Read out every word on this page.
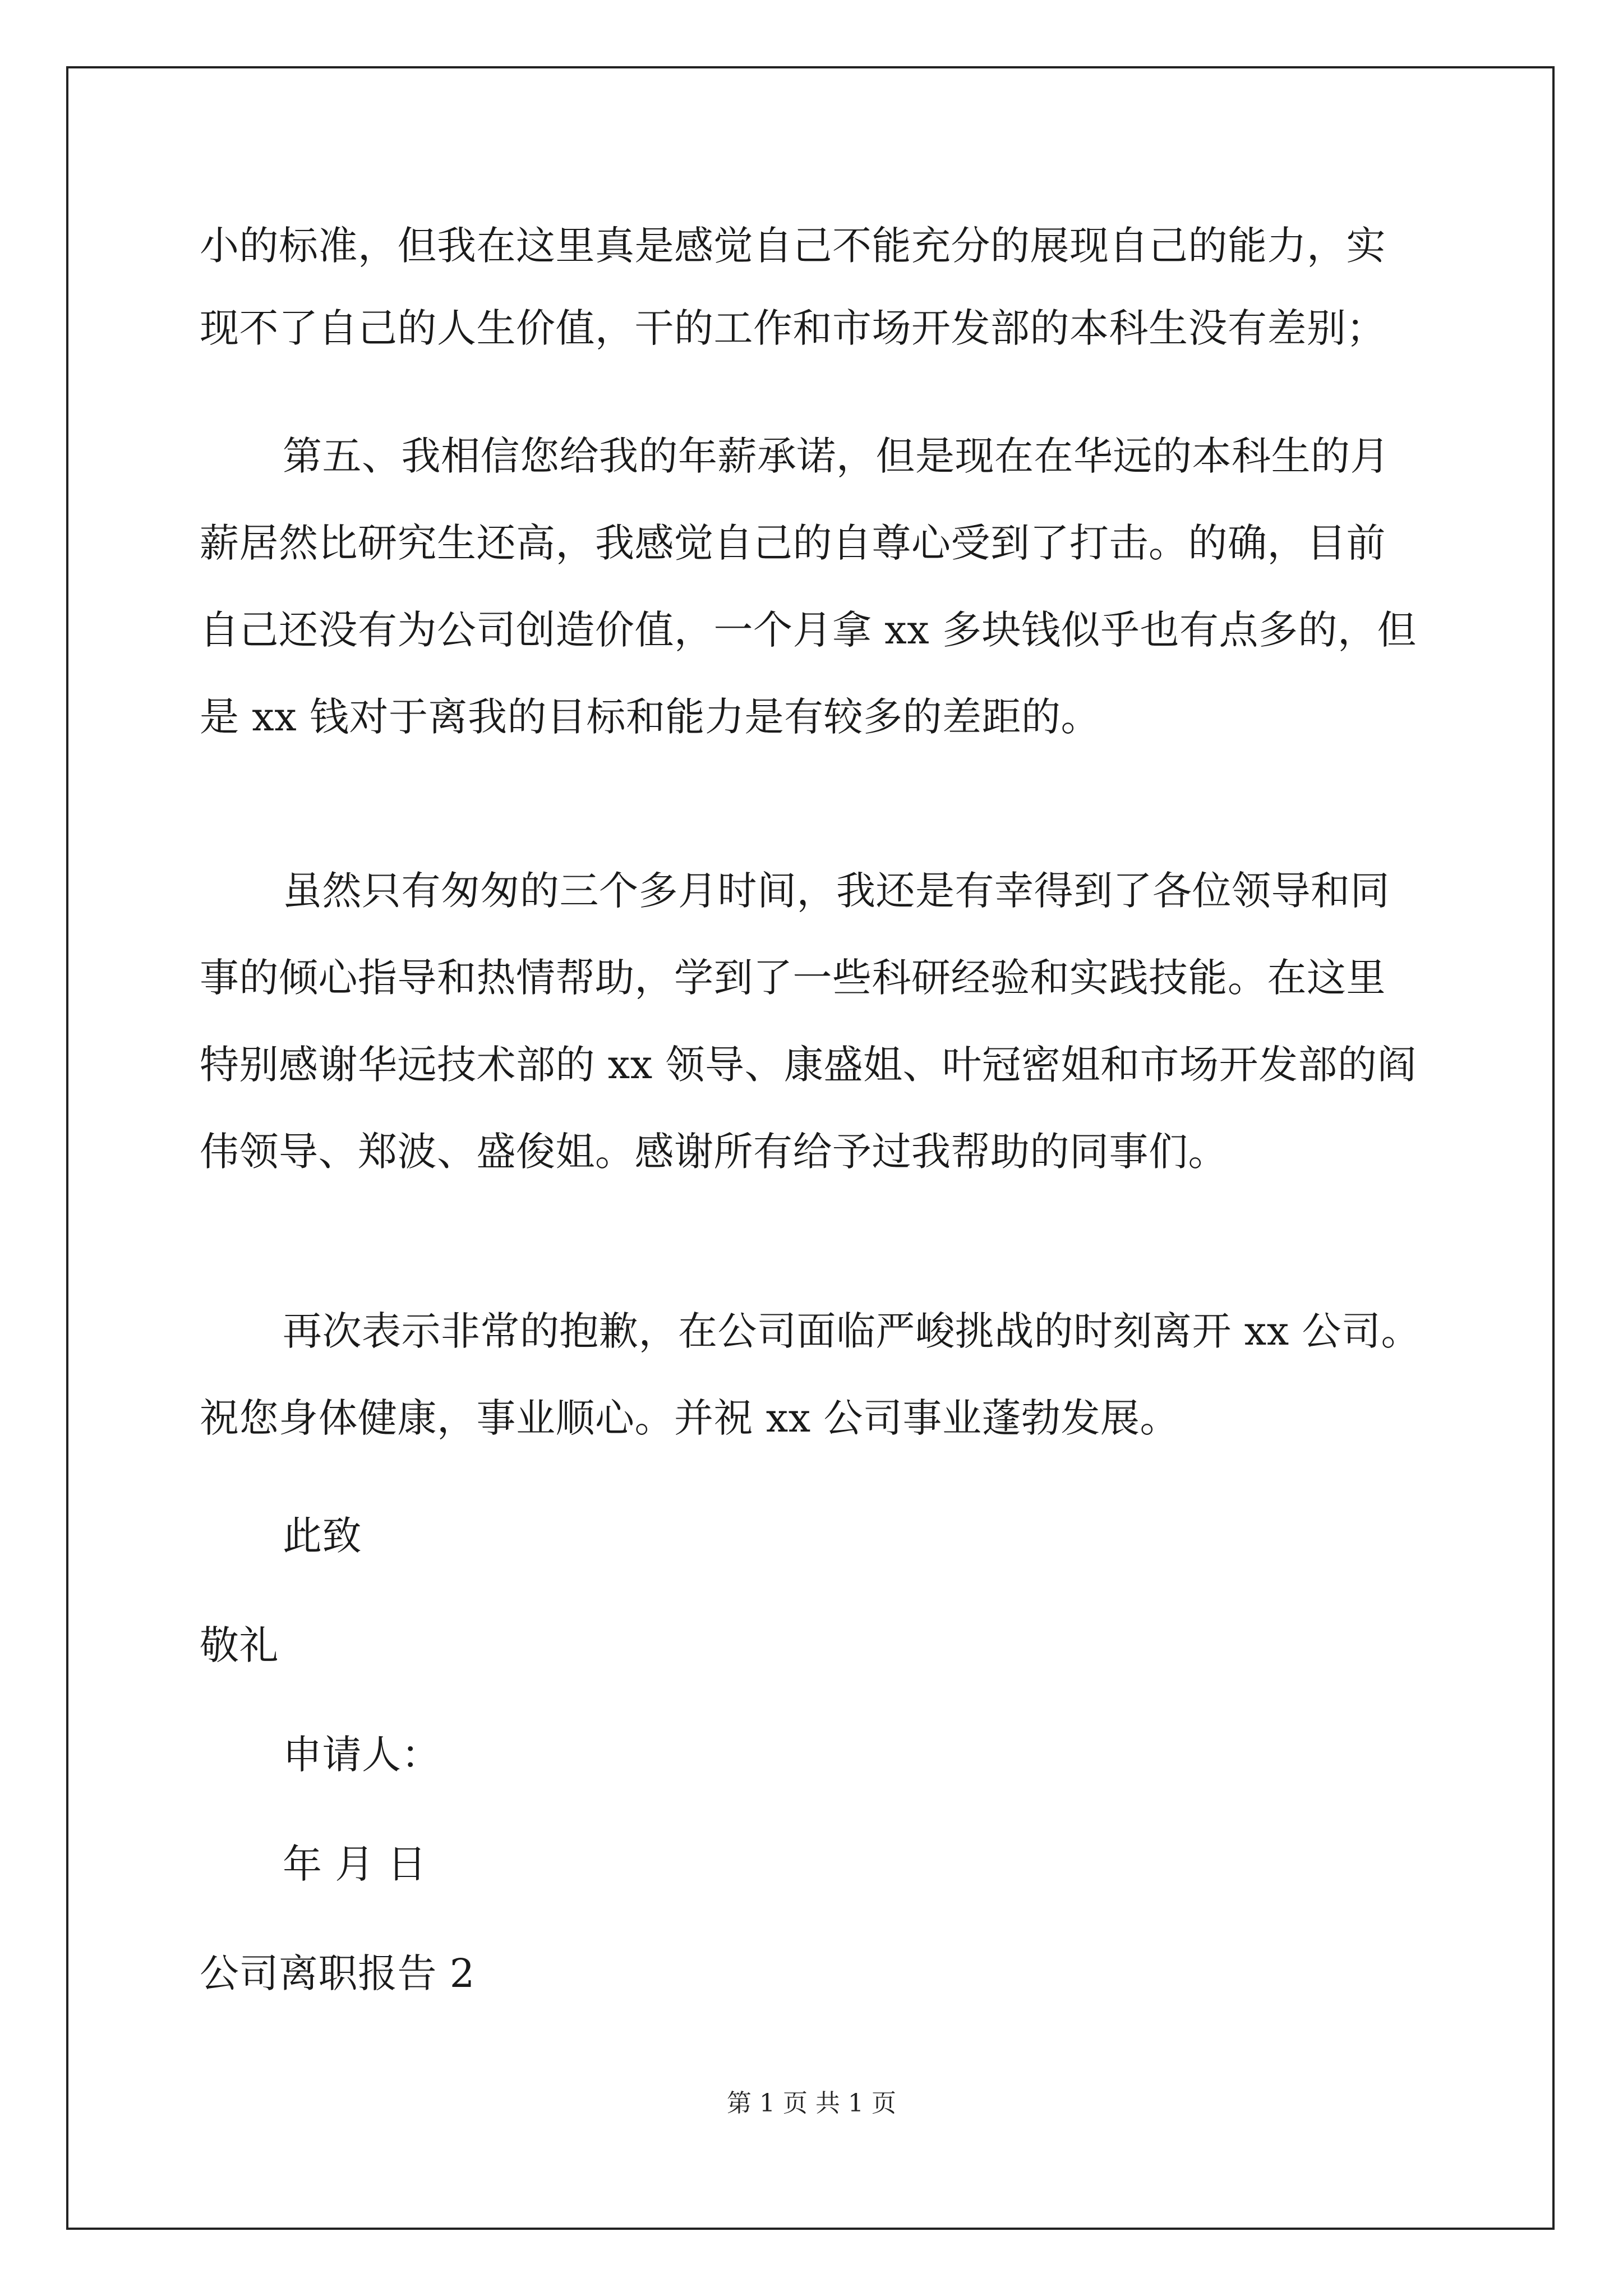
小的标准，但我在这里真是感觉自己不能充分的展现自己的能力，实
现不了自己的人生价值，干的工作和市场开发部的本科生没有差别；
第五、我相信您给我的年薪承诺，但是现在在华远的本科生的月
薪居然比研究生还高，我感觉自己的自尊心受到了打击。的确，目前
自己还没有为公司创造价值，一个月拿 xx 多块钱似乎也有点多的，但
是 xx 钱对于离我的目标和能力是有较多的差距的。
虽然只有匆匆的三个多月时间，我还是有幸得到了各位领导和同
事的倾心指导和热情帮助，学到了一些科研经验和实践技能。在这里
特别感谢华远技术部的 xx 领导、康盛姐、叶冠密姐和市场开发部的阎
伟领导、郑波、盛俊姐。感谢所有给予过我帮助的同事们。
再次表示非常的抱歉，在公司面临严峻挑战的时刻离开 xx 公司。
祝您身体健康，事业顺心。并祝 xx 公司事业蓬勃发展。
此致
敬礼
申请人：
年 月 日
公司离职报告 2
第 1 页 共 1 页
